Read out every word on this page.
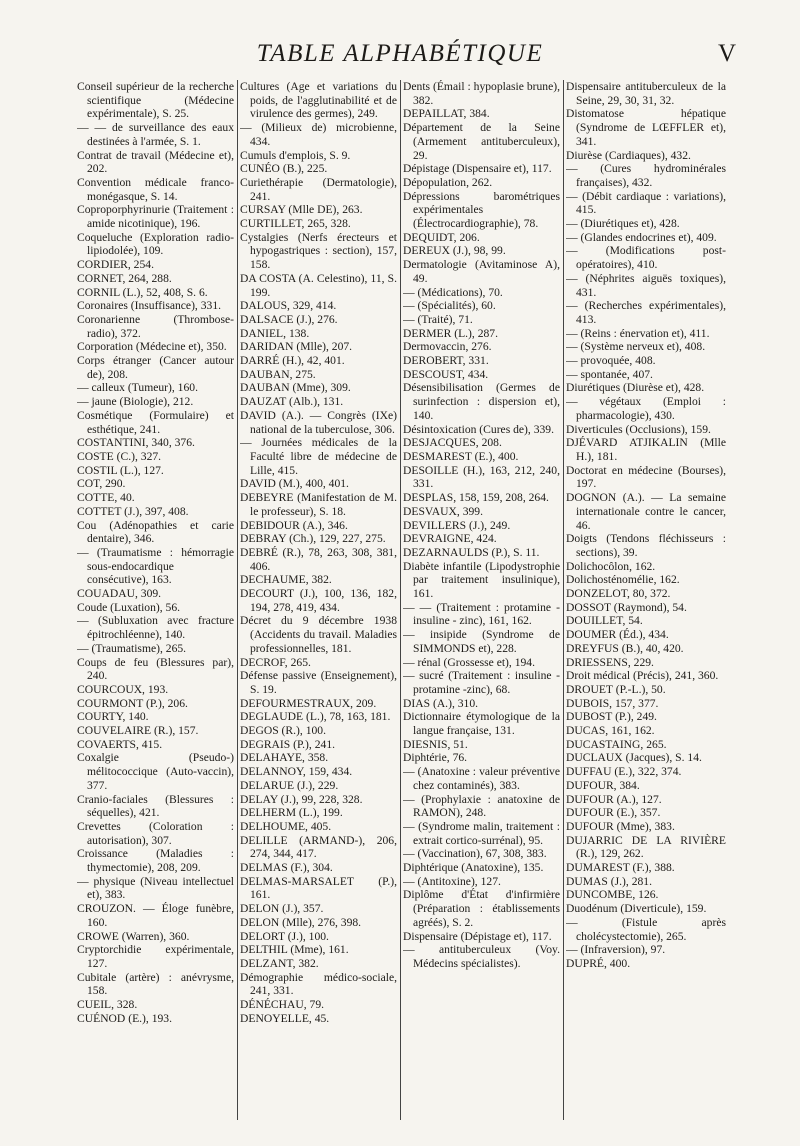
TABLE ALPHABÉTIQUE	V
Conseil supérieur de la recherche scientifique (Médecine expérimentale), S. 25.
— — de surveillance des eaux destinées à l'armée, S. 1.
Contrat de travail (Médecine et), 202.
Convention médicale franco-monégasque, S. 14.
Coproporphyrinurie (Traitement : amide nicotinique), 196.
Coqueluche (Exploration radio-lipiodolée), 109.
CORDIER, 254.
CORNET, 264, 288.
CORNIL (L.), 52, 408, S. 6.
Coronaires (Insuffisance), 331.
Coronarienne (Thrombose-radio), 372.
Corporation (Médecine et), 350.
Corps étranger (Cancer autour de), 208.
— calleux (Tumeur), 160.
— jaune (Biologie), 212.
Cosmétique (Formulaire) et esthétique, 241.
COSTANTINI, 340, 376.
COSTE (C.), 327.
COSTIL (L.), 127.
COT, 290.
COTTE, 40.
COTTET (J.), 397, 408.
Cou (Adénopathies et carie dentaire), 346.
— (Traumatisme : hémorragie sous-endocardique consécutive), 163.
COUADAU, 309.
Coude (Luxation), 56.
— (Subluxation avec fracture épitrochléenne), 140.
— (Traumatisme), 265.
Coups de feu (Blessures par), 240.
COURCOUX, 193.
COURMONT (P.), 206.
COURTY, 140.
COUVELAIRE (R.), 157.
COVAERTS, 415.
Coxalgie (Pseudo-) mélitococcique (Auto-vaccin), 377.
Cranio-faciales (Blessures : séquelles), 421.
Crevettes (Coloration : autorisation), 307.
Croissance (Maladies : thymectomie), 208, 209.
— physique (Niveau intellectuel et), 383.
CROUZON. — Éloge funèbre, 160.
CROWE (Warren), 360.
Cryptorchidie expérimentale, 127.
Cubitale (artère) : anévrysme, 158.
CUEIL, 328.
CUÉNOD (E.), 193.
Cultures (Age et variations du poids, de l'agglutinabilité et de virulence des germes), 249.
— (Milieux de) microbienne, 434.
Cumuls d'emplois, S. 9.
CUNÉO (B.), 225.
Curiethérapie (Dermatologie), 241.
CURSAY (Mlle DE), 263.
CURTILLET, 265, 328.
Cystalgies (Nerfs érecteurs et hypogastriques : section), 157, 158.
DA COSTA (A. Celestino), 11, S. 199.
DALOUS, 329, 414.
DALSACE (J.), 276.
DANIEL, 138.
DARIDAN (Mlle), 207.
DARRÉ (H.), 42, 401.
DAUBAN, 275.
DAUBAN (Mme), 309.
DAUZAT (Alb.), 131.
DAVID (A.). — Congrès (IXe) national de la tuberculose, 306.
— Journées médicales de la Faculté libre de médecine de Lille, 415.
DAVID (M.), 400, 401.
DEBEYRE (Manifestation de M. le professeur), S. 18.
DEBIDOUR (A.), 346.
DEBRAY (Ch.), 129, 227, 275.
DEBRÉ (R.), 78, 263, 308, 381, 406.
DECHAUME, 382.
DECOURT (J.), 100, 136, 182, 194, 278, 419, 434.
Décret du 9 décembre 1938 (Accidents du travail. Maladies professionnelles, 181.
DECROF, 265.
Défense passive (Enseignement), S. 19.
DEFOURMESTRAUX, 209.
DEGLAUDE (L.), 78, 163, 181.
DEGOS (R.), 100.
DEGRAIS (P.), 241.
DELAHAYE, 358.
DELANNOY, 159, 434.
DELARUE (J.), 229.
DELAY (J.), 99, 228, 328.
DELHERM (L.), 199.
DELHOUME, 405.
DELILLE (ARMAND-), 206, 274, 344, 417.
DELMAS (F.), 304.
DELMAS-MARSALET (P.), 161.
DELON (J.), 357.
DELON (Mlle), 276, 398.
DELORT (J.), 100.
DELTHIL (Mme), 161.
DELZANT, 382.
Démographie médico-sociale, 241, 331.
DÉNÉCHAU, 79.
DENOYELLE, 45.
Dents (Émail : hypoplasie brune), 382.
DEPAILLAT, 384.
Département de la Seine (Armement antituberculeux), 29.
Dépistage (Dispensaire et), 117.
Dépopulation, 262.
Dépressions barométriques expérimentales (Électrocardiographie), 78.
DEQUIDT, 206.
DEREUX (J.), 98, 99.
Dermatologie (Avitaminose A), 49.
— (Médications), 70.
— (Spécialités), 60.
— (Traité), 71.
DERMER (L.), 287.
Dermovaccin, 276.
DEROBERT, 331.
DESCOUST, 434.
Désensibilisation (Germes de surinfection : dispersion et), 140.
Désintoxication (Cures de), 339.
DESJACQUES, 208.
DESMAREST (E.), 400.
DESOILLE (H.), 163, 212, 240, 331.
DESPLAS, 158, 159, 208, 264.
DESVAUX, 399.
DEVILLERS (J.), 249.
DEVRAIGNE, 424.
DEZARNAULDS (P.), S. 11.
Diabète infantile (Lipodystrophie par traitement insulinique), 161.
— — (Traitement : protamine - insuline - zinc), 161, 162.
— insipide (Syndrome de SIMMONDS et), 228.
— rénal (Grossesse et), 194.
— sucré (Traitement : insuline -protamine -zinc), 68.
DIAS (A.), 310.
Dictionnaire étymologique de la langue française, 131.
DIESNIS, 51.
Diphtérie, 76.
— (Anatoxine : valeur préventive chez contaminés), 383.
— (Prophylaxie : anatoxine de RAMON), 248.
— (Syndrome malin, traitement : extrait cortico-surrénal), 95.
— (Vaccination), 67, 308, 383.
Diphtérique (Anatoxine), 135.
— (Antitoxine), 127.
Diplôme d'État d'infirmière (Préparation : établissements agréés), S. 2.
Dispensaire (Dépistage et), 117.
— antituberculeux (Voy. Médecins spécialistes).
Dispensaire antituberculeux de la Seine, 29, 30, 31, 32.
Distomatose hépatique (Syndrome de LŒFFLER et), 341.
Diurèse (Cardiaques), 432.
— (Cures hydrominérales françaises), 432.
— (Débit cardiaque : variations), 415.
— (Diurétiques et), 428.
— (Glandes endocrines et), 409.
— (Modifications post-opératoires), 410.
— (Néphrites aiguës toxiques), 431.
— (Recherches expérimentales), 413.
— (Reins : énervation et), 411.
— (Système nerveux et), 408.
— provoquée, 408.
— spontanée, 407.
Diurétiques (Diurèse et), 428.
— végétaux (Emploi : pharmacologie), 430.
Diverticules (Occlusions), 159.
DJÉVARD ATJIKALIN (Mlle H.), 181.
Doctorat en médecine (Bourses), 197.
DOGNON (A.). — La semaine internationale contre le cancer, 46.
Doigts (Tendons fléchisseurs : sections), 39.
Dolichocôlon, 162.
Dolichosténomélie, 162.
DONZELOT, 80, 372.
DOSSOT (Raymond), 54.
DOUILLET, 54.
DOUMER (Éd.), 434.
DREYFUS (B.), 40, 420.
DRIESSENS, 229.
Droit médical (Précis), 241, 360.
DROUET (P.-L.), 50.
DUBOIS, 157, 377.
DUBOST (P.), 249.
DUCAS, 161, 162.
DUCASTAING, 265.
DUCLAUX (Jacques), S. 14.
DUFFAU (E.), 322, 374.
DUFOUR, 384.
DUFOUR (A.), 127.
DUFOUR (E.), 357.
DUFOUR (Mme), 383.
DUJARRIC DE LA RIVIÈRE (R.), 129, 262.
DUMAREST (F.), 388.
DUMAS (J.), 281.
DUNCOMBE, 126.
Duodénum (Diverticule), 159.
— (Fistule après cholécystectomie), 265.
— (Infraversion), 97.
DUPRÉ, 400.
